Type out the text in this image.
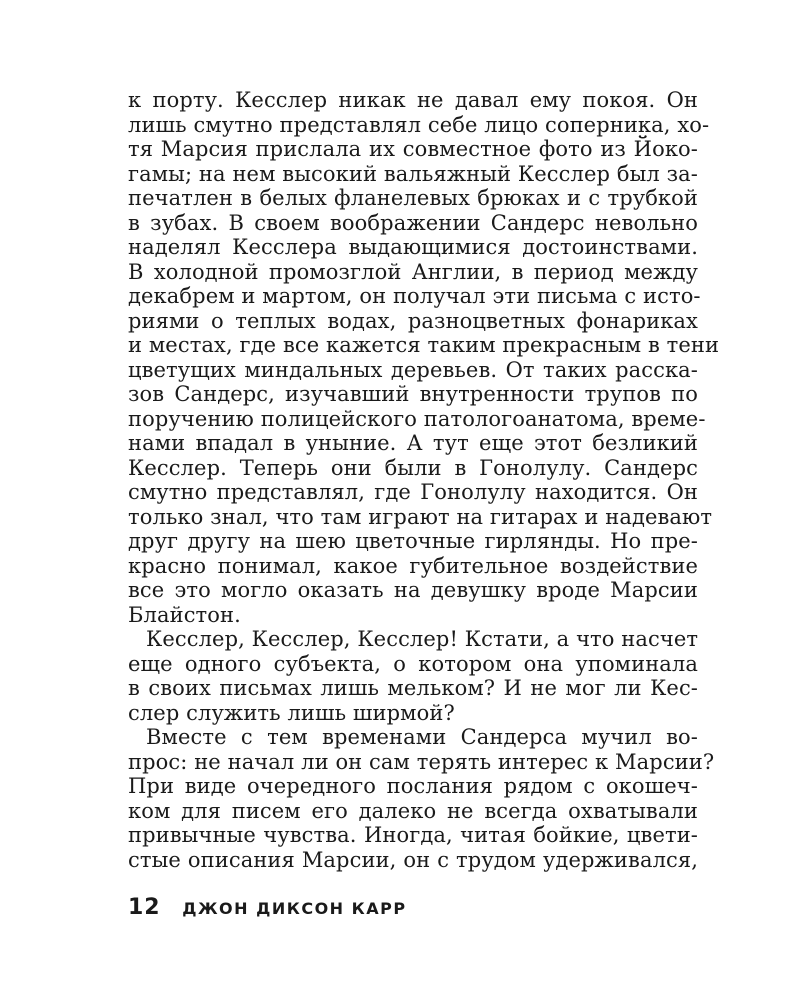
к порту. Кесслер никак не давал ему покоя. Он
лишь смутно представлял себе лицо соперника, хо-
тя Марсия прислала их совместное фото из Йоко-
гамы; на нем высокий вальяжный Кесслер был за-
печатлен в белых фланелевых брюках и с трубкой
в зубах. В своем воображении Сандерс невольно
наделял Кесслера выдающимися достоинствами.
В холодной промозглой Англии, в период между
декабрем и мартом, он получал эти письма с исто-
риями о теплых водах, разноцветных фонариках
и местах, где все кажется таким прекрасным в тени
цветущих миндальных деревьев. От таких расска-
зов Сандерс, изучавший внутренности трупов по
поручению полицейского патологоанатома, време-
нами впадал в уныние. А тут еще этот безликий
Кесслер. Теперь они были в Гонолулу. Сандерс
смутно представлял, где Гонолулу находится. Он
только знал, что там играют на гитарах и надевают
друг другу на шею цветочные гирлянды. Но пре-
красно понимал, какое губительное воздействие
все это могло оказать на девушку вроде Марсии
Блайстон.
Кесслер, Кесслер, Кесслер! Кстати, а что насчет
еще одного субъекта, о котором она упоминала
в своих письмах лишь мельком? И не мог ли Кес-
слер служить лишь ширмой?
Вместе с тем временами Сандерса мучил во-
прос: не начал ли он сам терять интерес к Марсии?
При виде очередного послания рядом с окошеч-
ком для писем его далеко не всегда охватывали
привычные чувства. Иногда, читая бойкие, цвети-
стые описания Марсии, он с трудом удерживался,
12 ДЖОН ДИКСОН КАРР
